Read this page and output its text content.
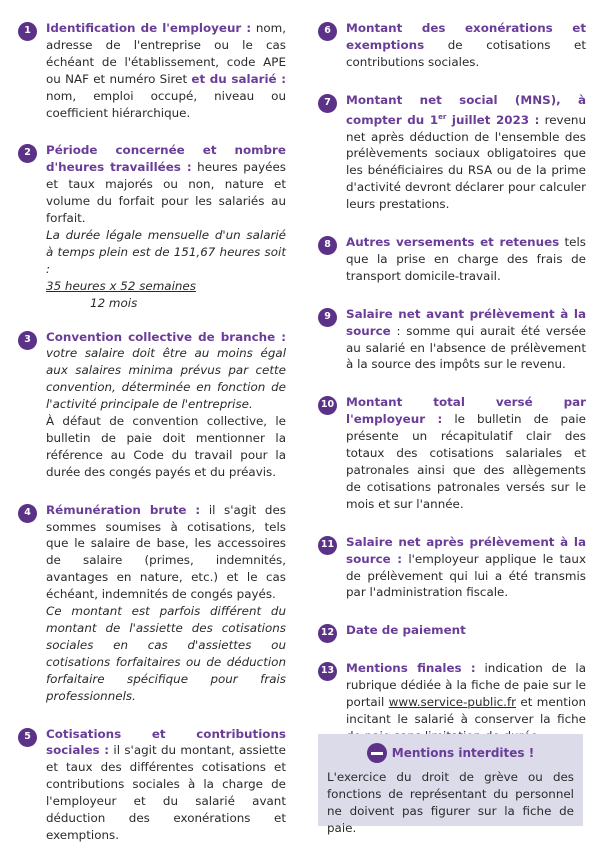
1	Identification de l'employeur : nom, adresse de l'entreprise ou le cas échéant de l'établissement, code APE ou NAF et numéro Siret et du salarié : nom, emploi occupé, niveau ou coefficient hiérarchique.
2	Période concernée et nombre d'heures travaillées : heures payées et taux majorés ou non, nature et volume du forfait pour les salariés au forfait.
La durée légale mensuelle d'un salarié à temps plein est de 151,67 heures soit :
$\frac{\text{35 heures x 52 semaines}}{\text{12 mois}}$
3	Convention collective de branche : votre salaire doit être au moins égal aux salaires minima prévus par cette convention, déterminée en fonction de l'activité principale de l'entreprise.
À défaut de convention collective, le bulletin de paie doit mentionner la référence au Code du travail pour la durée des congés payés et du préavis.
4	Rémunération brute : il s'agit des sommes soumises à cotisations, tels que le salaire de base, les accessoires de salaire (primes, indemnités, avantages en nature, etc.) et le cas échéant, indemnités de congés payés.
Ce montant est parfois différent du montant de l'assiette des cotisations sociales en cas d'assiettes ou cotisations forfaitaires ou de déduction forfaitaire spécifique pour frais professionnels.
5	Cotisations et contributions sociales : il s'agit du montant, assiette et taux des différentes cotisations et contributions sociales à la charge de l'employeur et du salarié avant déduction des exonérations et exemptions.
6	Montant des exonérations et exemptions de cotisations et contributions sociales.
7	Montant net social (MNS), à compter du 1er juillet 2023 : revenu net après déduction de l'ensemble des prélèvements sociaux obligatoires que les bénéficiaires du RSA ou de la prime d'activité devront déclarer pour calculer leurs prestations.
8	Autres versements et retenues tels que la prise en charge des frais de transport domicile-travail.
9	Salaire net avant prélèvement à la source : somme qui aurait été versée au salarié en l'absence de prélèvement à la source des impôts sur le revenu.
10 Montant total versé par l'employeur : le bulletin de paie présente un récapitulatif clair des totaux des cotisations salariales et patronales ainsi que des allègements de cotisations patronales versés sur le mois et sur l'année.
11 Salaire net après prélèvement à la source : l'employeur applique le taux de prélèvement qui lui a été transmis par l'administration fiscale.
12 Date de paiement
13 Mentions finales : indication de la rubrique dédiée à la fiche de paie sur le portail www.service-public.fr et mention incitant le salarié à conserver la fiche
Mentions interdites !
L'exercice du droit de grève ou des fonctions de représentant du personnel ne doivent pas figurer sur la fiche de paie.
